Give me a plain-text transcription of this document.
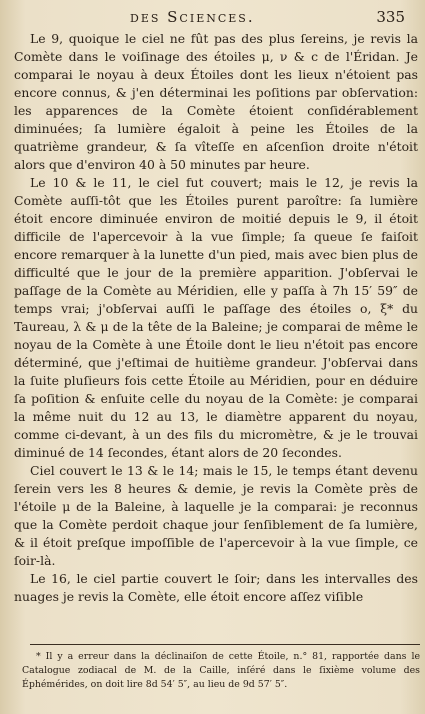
des Sciences.	335

Le 9, quoique le ciel ne fût pas des plus ſereins, je revis la Comète dans le voiſinage des étoiles μ, ν & c de l'Éridan. Je comparai le noyau à deux Étoiles dont les lieux n'étoient pas encore connus, & j'en déterminai les poſitions par obſervation: les apparences de la Comète étoient conſidérablement diminuées; ſa lumière égaloit à peine les Étoiles de la quatrième grandeur, & ſa vîteſſe en aſcenſion droite n'étoit alors que d'environ 40 à 50 minutes par heure.

Le 10 & le 11, le ciel fut couvert; mais le 12, je revis la Comète auſſi-tôt que les Étoiles purent paroître: ſa lumière étoit encore diminuée environ de moitié depuis le 9, il étoit difficile de l'apercevoir à la vue ſimple; ſa queue ſe faiſoit encore remarquer à la lunette d'un pied, mais avec bien plus de difficulté que le jour de la première apparition. J'obſervai le paſſage de la Comète au Méridien, elle y paſſa à 7h 15′ 59″ de temps vrai; j'obſervai auſſi le paſſage des étoiles ο, ξ* du Taureau, λ & μ de la tête de la Baleine; je comparai de même le noyau de la Comète à une Étoile dont le lieu n'étoit pas encore déterminé, que j'eſtimai de huitième grandeur. J'obſervai dans la ſuite pluſieurs fois cette Étoile au Méridien, pour en déduire ſa poſition & enſuite celle du noyau de la Comète: je comparai la même nuit du 12 au 13, le diamètre apparent du noyau, comme ci-devant, à un des fils du micromètre, & je le trouvai diminué de 14 ſecondes, étant alors de 20 ſecondes.

Ciel couvert le 13 & le 14; mais le 15, le temps étant devenu ſerein vers les 8 heures & demie, je revis la Comète près de l'étoile μ de la Baleine, à laquelle je la comparai: je reconnus que la Comète perdoit chaque jour ſenſiblement de ſa lumière, & il étoit preſque impoſſible de l'apercevoir à la vue ſimple, ce ſoir-là.

Le 16, le ciel partie couvert le ſoir; dans les intervalles des nuages je revis la Comète, elle étoit encore aſſez viſible

* Il y a erreur dans la déclinaiſon de cette Étoile, n.° 81, rapportée dans le Catalogue zodiacal de M. de la Caille, inſéré dans le ſixième volume des Éphémérides, on doit lire 8d 54′ 5″, au lieu de 9d 57′ 5″.
